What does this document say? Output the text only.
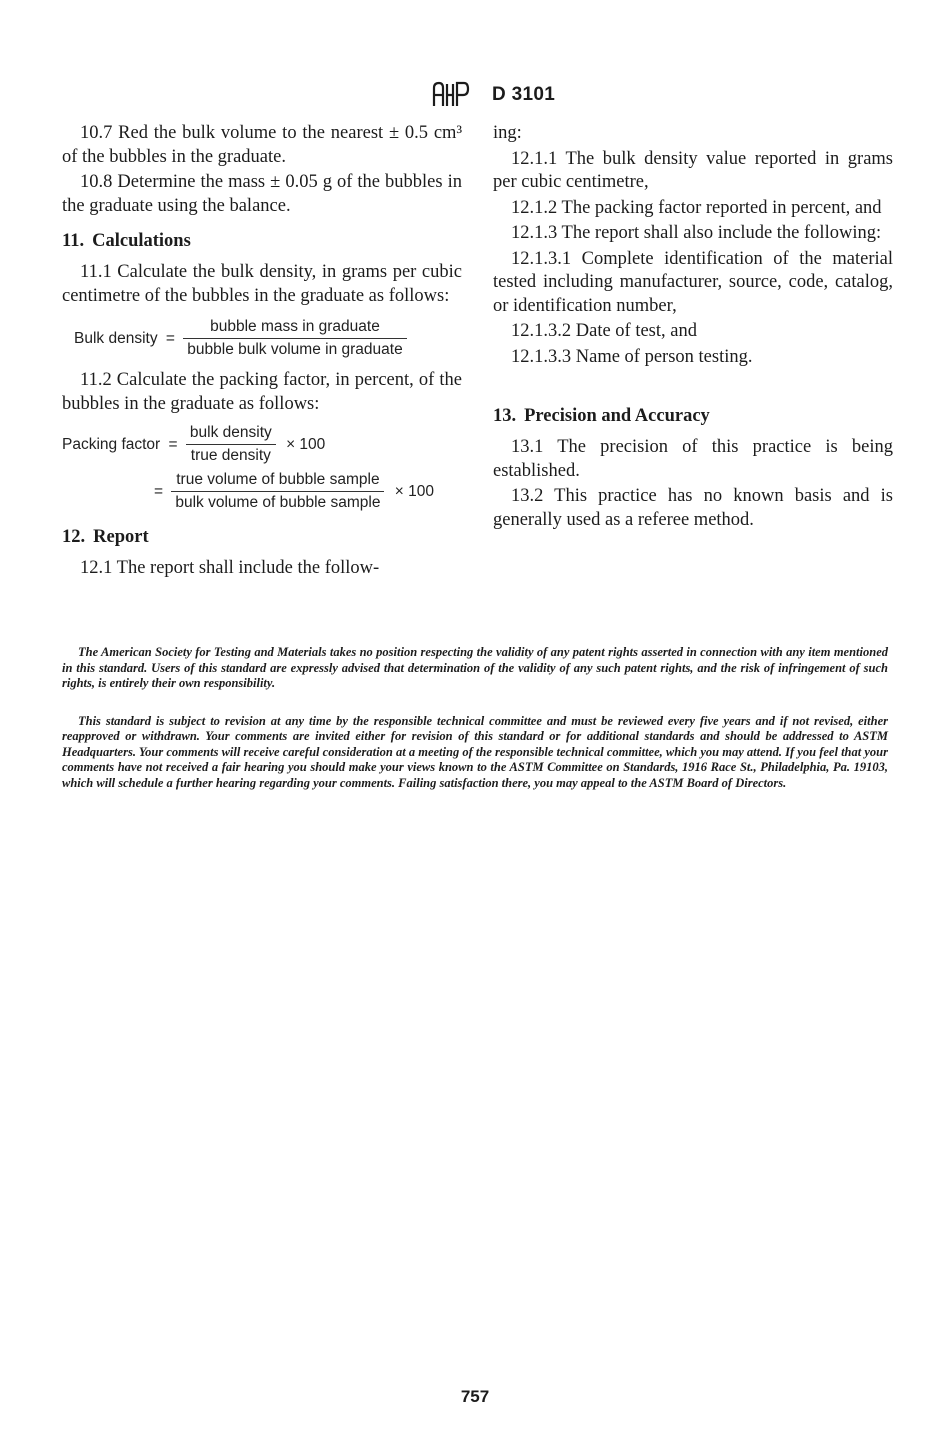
D 3101

10.7 Red the bulk volume to the nearest ± 0.5 cm³ of the bubbles in the graduate.

10.8 Determine the mass ± 0.05 g of the bubbles in the graduate using the balance.

11. Calculations

11.1 Calculate the bulk density, in grams per cubic centimetre of the bubbles in the graduate as follows:

Bulk density = $\frac{\text{bubble mass in graduate}}{\text{bubble bulk volume in graduate}}$

11.2 Calculate the packing factor, in percent, of the bubbles in the graduate as follows:

Packing factor = $\frac{\text{bulk density}}{\text{true density}} \times 100$
= $\frac{\text{true volume of bubble sample}}{\text{bulk volume of bubble sample}} \times 100$
12. Report

12.1 The report shall include the follow-

ing:

12.1.1 The bulk density value reported in grams per cubic centimetre,

12.1.2 The packing factor reported in percent, and

12.1.3 The report shall also include the following:

12.1.3.1 Complete identification of the material tested including manufacturer, source, code, catalog, or identification number,

12.1.3.2 Date of test, and

12.1.3.3 Name of person testing.

13. Precision and Accuracy

13.1 The precision of this practice is being established.

13.2 This practice has no known basis and is generally used as a referee method.

The American Society for Testing and Materials takes no position respecting the validity of any patent rights asserted in connection with any item mentioned in this standard. Users of this standard are expressly advised that determination of the validity of any such patent rights, and the risk of infringement of such rights, is entirely their own responsibility.

This standard is subject to revision at any time by the responsible technical committee and must be reviewed every five years and if not revised, either reapproved or withdrawn. Your comments are invited either for revision of this standard or for additional standards and should be addressed to ASTM Headquarters. Your comments will receive careful consideration at a meeting of the responsible technical committee, which you may attend. If you feel that your comments have not received a fair hearing you should make your views known to the ASTM Committee on Standards, 1916 Race St., Philadelphia, Pa. 19103, which will schedule a further hearing regarding your comments. Failing satisfaction there, you may appeal to the ASTM Board of Directors.

757
